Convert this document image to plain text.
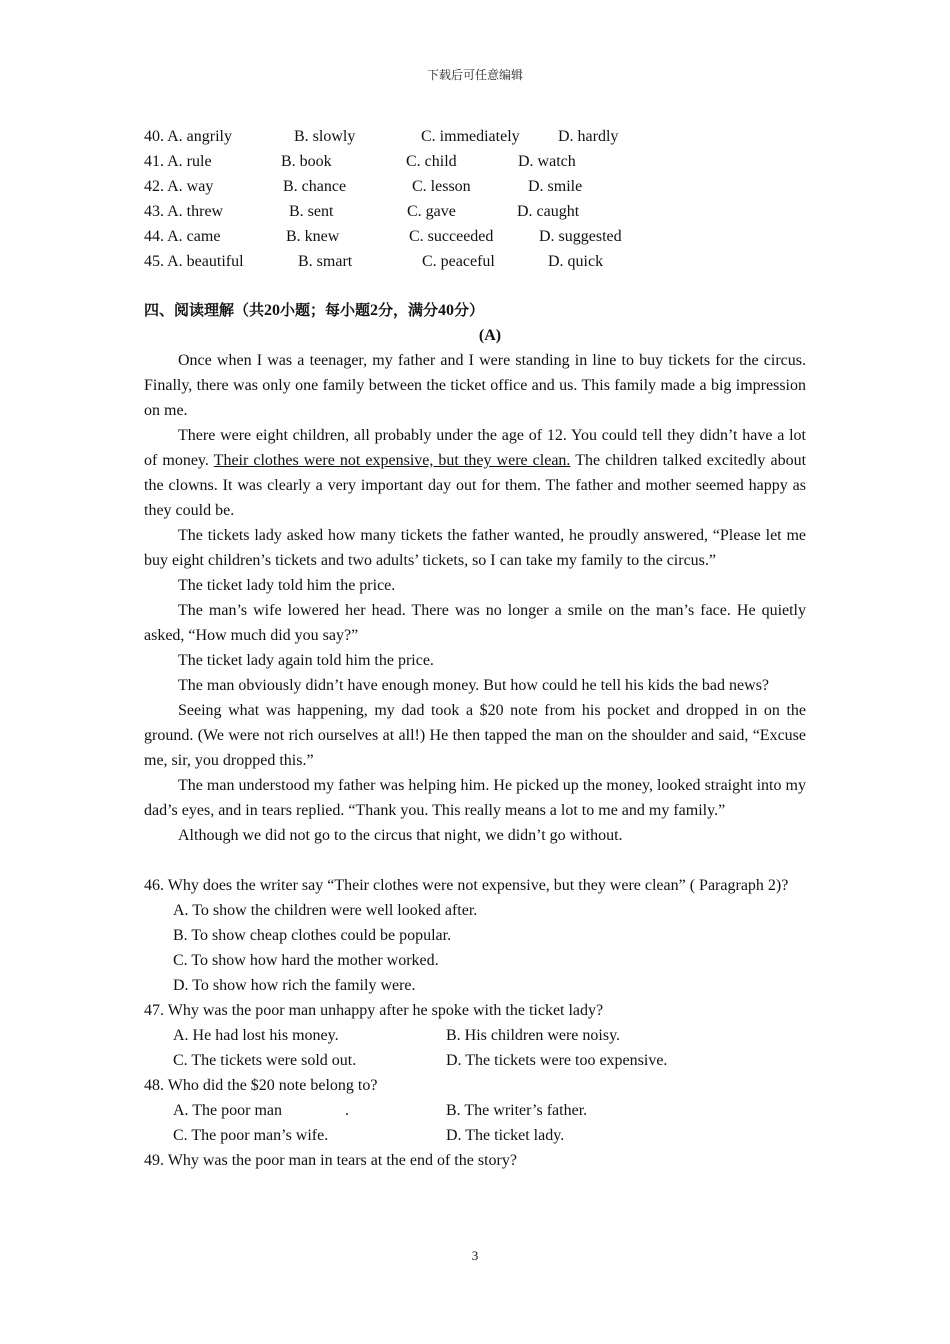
下载后可任意编辑
40. A. angrily	B. slowly	C. immediately D. hardly
41. A. rule	B. book	C. child	D. watch
42. A. way	B. chance	C. lesson	D. smile
43. A. threw	B. sent	C. gave	D. caught
44. A. came	B. knew	C. succeeded	D. suggested
45. A. beautiful	B. smart	C. peaceful	D. quick
四、阅读理解（共20小题；每小题2分，满分40分）
(A)

Once when I was a teenager, my father and I were standing in line to buy tickets for the circus. Finally, there was only one family between the ticket office and us. This family made a big impression on me.

There were eight children, all probably under the age of 12. You could tell they didn’t have a lot of money. Their clothes were not expensive, but they were clean. The children talked excitedly about the clowns. It was clearly a very important day out for them. The father and mother seemed happy as they could be.

The tickets lady asked how many tickets the father wanted, he proudly answered, “Please let me buy eight children’s tickets and two adults’ tickets, so I can take my family to the circus.”

The ticket lady told him the price.

The man’s wife lowered her head. There was no longer a smile on the man’s face. He quietly asked, “How much did you say?”

The ticket lady again told him the price.

The man obviously didn’t have enough money. But how could he tell his kids the bad news?

Seeing what was happening, my dad took a $20 note from his pocket and dropped in on the ground. (We were not rich ourselves at all!) He then tapped the man on the shoulder and said, “Excuse me, sir, you dropped this.”

The man understood my father was helping him. He picked up the money, looked straight into my dad’s eyes, and in tears replied. “Thank you. This really means a lot to me and my family.”

Although we did not go to the circus that night, we didn’t go without.

46. Why does the writer say “Their clothes were not expensive, but they were clean” ( Paragraph 2)?

A. To show the children were well looked after.

B. To show cheap clothes could be popular.

C. To show how hard the mother worked.

D. To show how rich the family were.

47. Why was the poor man unhappy after he spoke with the ticket lady?

A. He had lost his money.	B. His children were noisy.
C. The tickets were sold out.	D. The tickets were too expensive.

48. Who did the $20 note belong to?

A. The poor man	.	B. The writer’s father.
C. The poor man’s wife.	D. The ticket lady.

49. Why was the poor man in tears at the end of the story?

3
